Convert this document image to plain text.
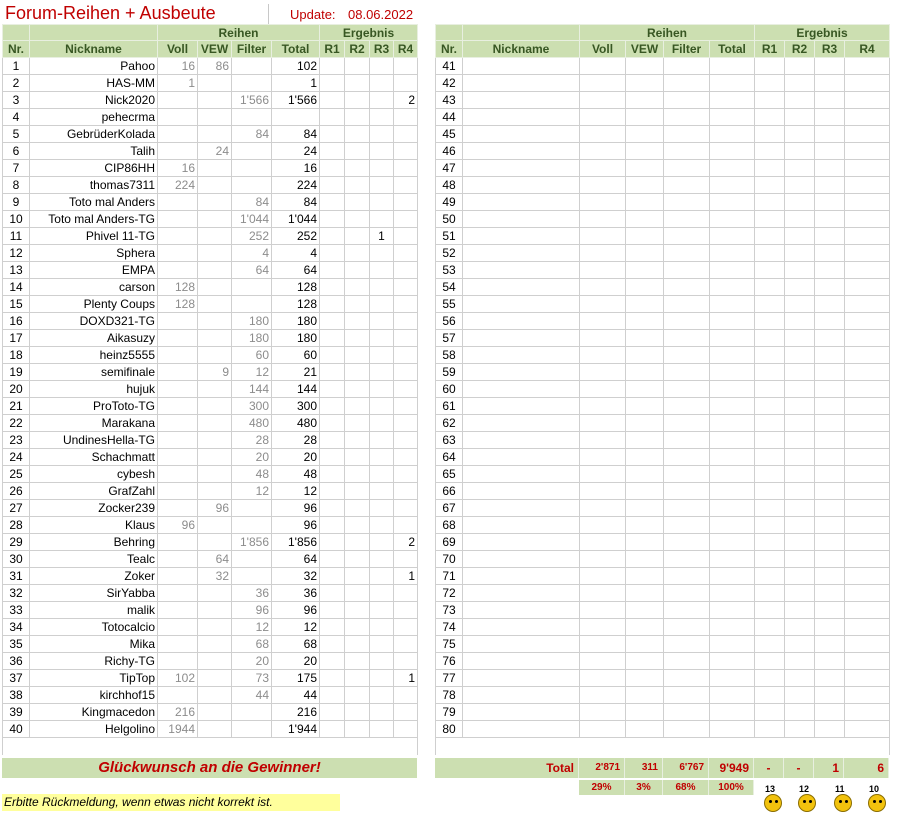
Forum-Reihen + Ausbeute	Update: 08.06.2022
		Reihen				Ergebnis			
Nr.	Nickname	Voll	VEW	Filter	Total	R1	R2	R3	R4
1	Pahoo	16	86		102				
2	HAS-MM	1			1				
3	Nick2020			1'566	1'566				2
4	pehecrma								
5	GebrüderKolada			84	84				
6	Talih		24		24				
7	CIP86HH	16			16				
8	thomas7311	224			224				
9	Toto mal Anders			84	84				
10	Toto mal Anders-TG			1'044	1'044				
11	Phivel 11-TG			252	252			1	
12	Sphera			4	4				
13	EMPA			64	64				
14	carson	128			128				
15	Plenty Coups	128			128				
16	DOXD321-TG			180	180				
17	Aikasuzy			180	180				
18	heinz5555			60	60				
19	semifinale		9	12	21				
20	hujuk			144	144				
21	ProToto-TG			300	300				
22	Marakana			480	480				
23	UndinesHella-TG			28	28				
24	Schachmatt			20	20				
25	cybesh			48	48				
26	GrafZahl			12	12				
27	Zocker239		96		96				
28	Klaus	96			96				
29	Behring			1'856	1'856				2
30	Tealc		64		64				
31	Zoker		32		32				1
32	SirYabba			36	36				
33	malik			96	96				
34	Totocalcio			12	12				
35	Mika			68	68				
36	Richy-TG			20	20				
37	TipTop	102		73	175				1
38	kirchhof15			44	44				
39	Kingmacedon	216			216				
40	Helgolino	1944			1'944				

		Reihen				Ergebnis			
Nr.	Nickname	Voll	VEW	Filter	Total	R1	R2	R3	R4
41									
42									
43									
44									
45									
46									
47									
48									
49									
50									
51									
52									
53									
54									
55									
56									
57									
58									
59									
60									
61									
62									
63									
64									
65									
66									
67									
68									
69									
70									
71									
72									
73									
74									
75									
76									
77									
78									
79									
80									

Glückwunsch an die Gewinner!	Total	2'871	311	6'767	9'949	-	-	1	6
29%	3%	68%	100%
Erbitte Rückmeldung, wenn etwas nicht korrekt ist.
13	12	11	10
